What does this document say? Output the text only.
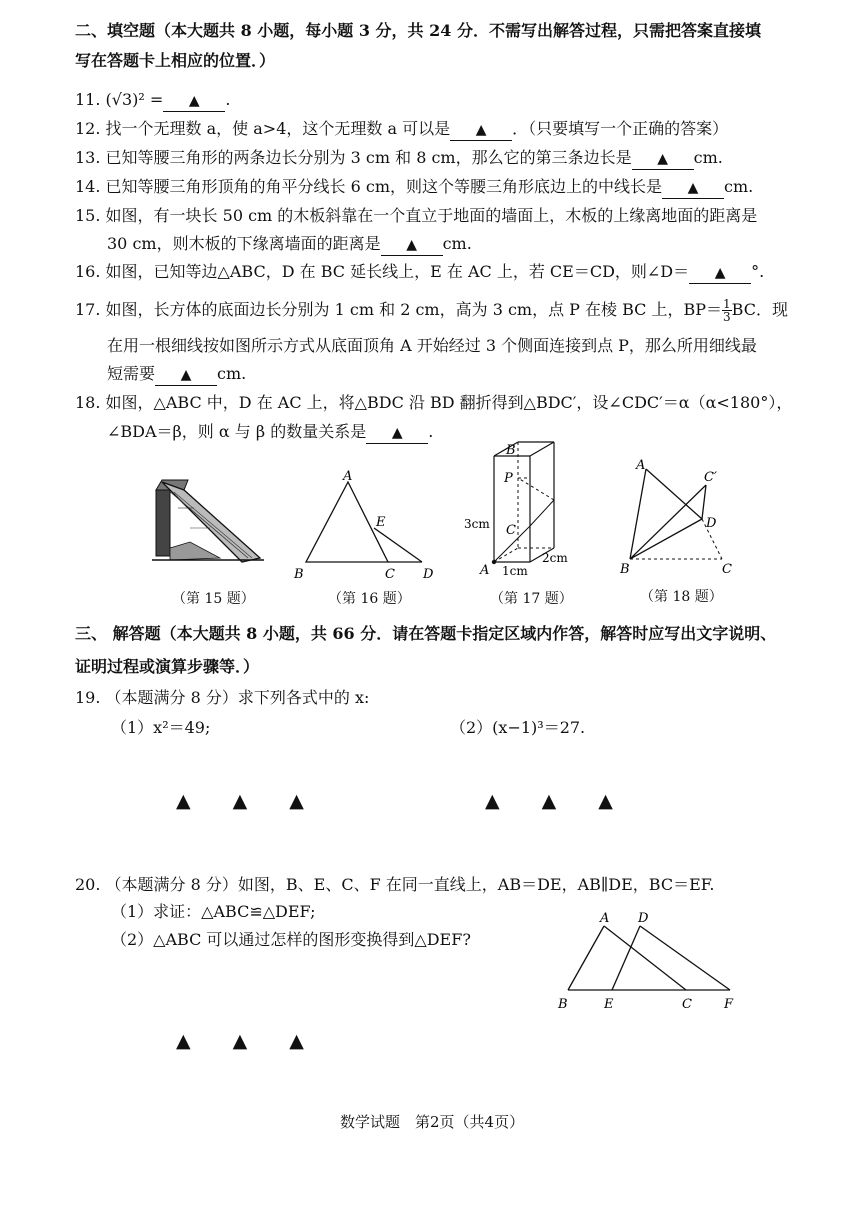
二、填空题（本大题共 8 小题，每小题 3 分，共 24 分．不需写出解答过程，只需把答案直接填
写在答题卡上相应的位置．）
11. (√3)² = ▲ .
12. 找一个无理数 a，使 a>4，这个无理数 a 可以是 ▲ ．（只要填写一个正确的答案）
13. 已知等腰三角形的两条边长分别为 3 cm 和 8 cm，那么它的第三条边长是 ▲ cm.
14. 已知等腰三角形顶角的角平分线长 6 cm，则这个等腰三角形底边上的中线长是 ▲ cm.
15. 如图，有一块长 50 cm 的木板斜靠在一个直立于地面的墙面上，木板的上缘离地面的距离是
30 cm，则木板的下缘离墙面的距离是 ▲ cm.
16. 如图，已知等边△ABC，D 在 BC 延长线上，E 在 AC 上，若 CE＝CD，则∠D＝ ▲ °.
17. 如图，长方体的底面边长分别为 1 cm 和 2 cm，高为 3 cm，点 P 在棱 BC 上，$BP= \frac{1}{3}$ BC．现
在用一根细线按如图所示方式从底面顶角 A 开始经过 3 个侧面连接到点 P，那么所用细线最
短需要 ▲ cm.
18. 如图，△ABC 中，D 在 AC 上，将△BDC 沿 BD 翻折得到△BDC′，设∠CDC′＝α（α<180°），
∠BDA＝β，则 α 与 β 的数量关系是 ▲ .
（第 15 题）
A
B	C D
E
（第 16 题）
B
P
C
A
3cm
1cm
2cm
（第 17 题）
A
C′
D
B	C
（第 18 题）
三、 解答题（本大题共 8 小题，共 66 分．请在答题卡指定区域内作答，解答时应写出文字说明、
证明过程或演算步骤等．）
19. （本题满分 8 分）求下列各式中的 x:
（1）x²＝49;	（2）(x−1)³＝27.
▲ ▲ ▲	▲ ▲ ▲
20. （本题满分 8 分）如图，B、E、C、F 在同一直线上，AB＝DE，AB∥DE，BC＝EF.
（1）求证：△ABC≌△DEF;
（2）△ABC 可以通过怎样的图形变换得到△DEF?
▲ ▲ ▲
A D
B	E	C F
数学试题　第2页（共4页）
